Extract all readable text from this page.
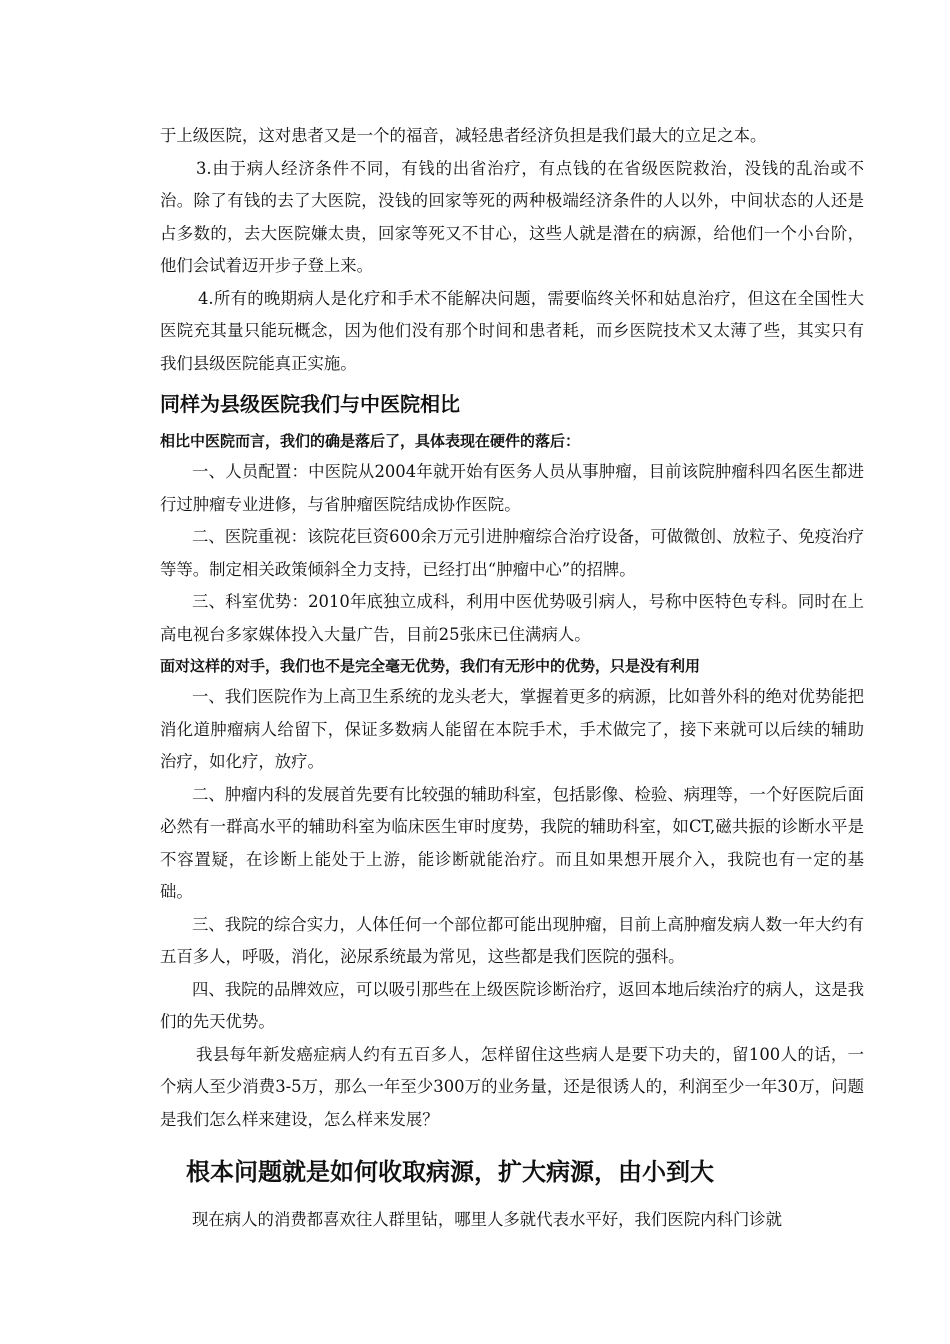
于上级医院，这对患者又是一个的福音，减轻患者经济负担是我们最大的立足之本。

3.由于病人经济条件不同，有钱的出省治疗，有点钱的在省级医院救治，没钱的乱治或不治。除了有钱的去了大医院，没钱的回家等死的两种极端经济条件的人以外，中间状态的人还是占多数的，去大医院嫌太贵，回家等死又不甘心，这些人就是潜在的病源，给他们一个小台阶，他们会试着迈开步子登上来。

4.所有的晚期病人是化疗和手术不能解决问题，需要临终关怀和姑息治疗，但这在全国性大医院充其量只能玩概念，因为他们没有那个时间和患者耗，而乡医院技术又太薄了些，其实只有我们县级医院能真正实施。

同样为县级医院我们与中医院相比

相比中医院而言，我们的确是落后了，具体表现在硬件的落后：

一、人员配置：中医院从2004年就开始有医务人员从事肿瘤，目前该院肿瘤科四名医生都进行过肿瘤专业进修，与省肿瘤医院结成协作医院。

二、医院重视：该院花巨资600余万元引进肿瘤综合治疗设备，可做微创、放粒子、免疫治疗等等。制定相关政策倾斜全力支持，已经打出“肿瘤中心”的招牌。

三、科室优势：2010年底独立成科，利用中医优势吸引病人，号称中医特色专科。同时在上高电视台多家媒体投入大量广告，目前25张床已住满病人。

面对这样的对手，我们也不是完全毫无优势，我们有无形中的优势，只是没有利用

一、我们医院作为上高卫生系统的龙头老大，掌握着更多的病源，比如普外科的绝对优势能把消化道肿瘤病人给留下，保证多数病人能留在本院手术，手术做完了，接下来就可以后续的辅助治疗，如化疗，放疗。

二、肿瘤内科的发展首先要有比较强的辅助科室，包括影像、检验、病理等，一个好医院后面必然有一群高水平的辅助科室为临床医生审时度势，我院的辅助科室，如CT,磁共振的诊断水平是不容置疑，在诊断上能处于上游，能诊断就能治疗。而且如果想开展介入，我院也有一定的基础。

三、我院的综合实力，人体任何一个部位都可能出现肿瘤，目前上高肿瘤发病人数一年大约有五百多人，呼吸，消化，泌尿系统最为常见，这些都是我们医院的强科。

四、我院的品牌效应，可以吸引那些在上级医院诊断治疗，返回本地后续治疗的病人，这是我们的先天优势。

我县每年新发癌症病人约有五百多人，怎样留住这些病人是要下功夫的，留100人的话，一个病人至少消费3-5万，那么一年至少300万的业务量，还是很诱人的，利润至少一年30万，问题是我们怎么样来建设，怎么样来发展？

根本问题就是如何收取病源，扩大病源，由小到大

现在病人的消费都喜欢往人群里钻，哪里人多就代表水平好，我们医院内科门诊就
